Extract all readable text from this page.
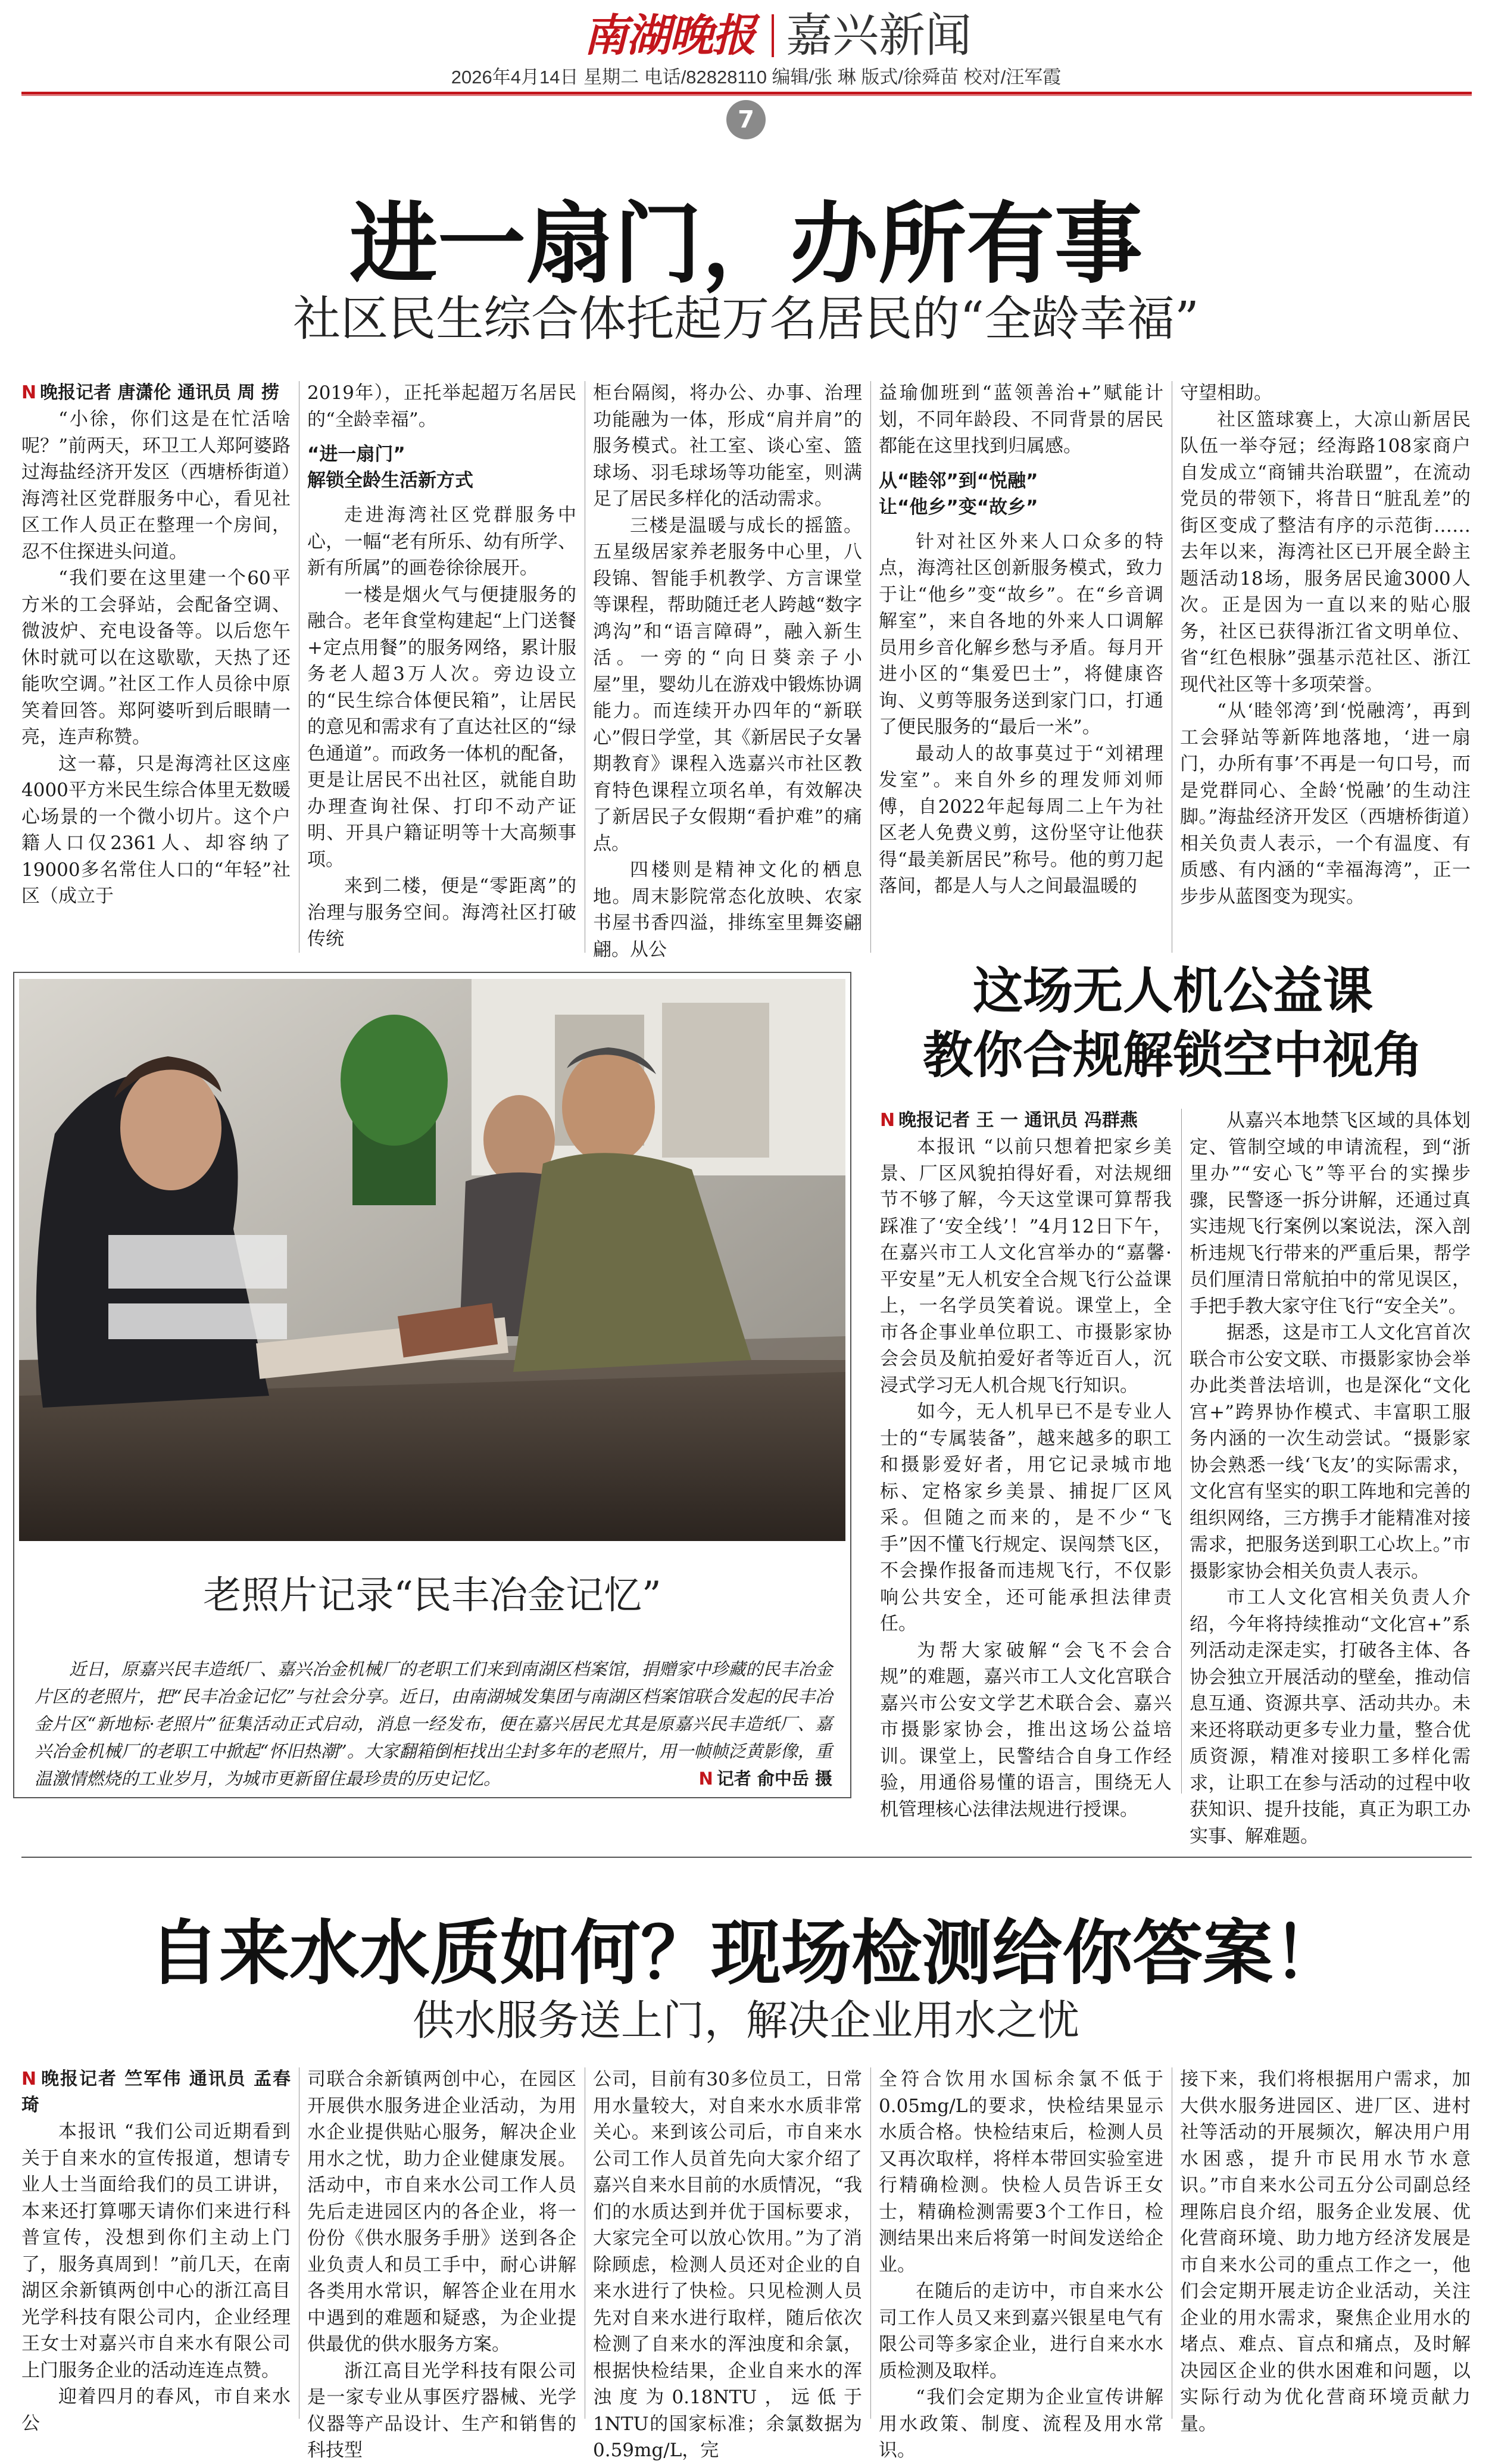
南湖晚报 嘉兴新闻
2026年4月14日 星期二 电话/82828110 编辑/张 琳 版式/徐舜苗 校对/汪军霞
7
进一扇门，办所有事
社区民生综合体托起万名居民的“全龄幸福”

N 晚报记者 唐潇伦 通讯员 周 捞

“小徐，你们这是在忙活啥呢？”前两天，环卫工人郑阿婆路过海盐经济开发区（西塘桥街道）海湾社区党群服务中心，看见社区工作人员正在整理一个房间，忍不住探进头问道。

“我们要在这里建一个60平方米的工会驿站，会配备空调、微波炉、充电设备等。以后您午休时就可以在这歇歇，天热了还能吹空调。”社区工作人员徐中原笑着回答。郑阿婆听到后眼睛一亮，连声称赞。

这一幕，只是海湾社区这座4000平方米民生综合体里无数暖心场景的一个微小切片。这个户籍人口仅2361人、却容纳了19000多名常住人口的“年轻”社区（成立于

2019年），正托举起超万名居民的“全龄幸福”。

“进一扇门”
解锁全龄生活新方式

走进海湾社区党群服务中心，一幅“老有所乐、幼有所学、新有所属”的画卷徐徐展开。

一楼是烟火气与便捷服务的融合。老年食堂构建起“上门送餐+定点用餐”的服务网络，累计服务老人超3万人次。旁边设立的“民生综合体便民箱”，让居民的意见和需求有了直达社区的“绿色通道”。而政务一体机的配备，更是让居民不出社区，就能自助办理查询社保、打印不动产证明、开具户籍证明等十大高频事项。

来到二楼，便是“零距离”的治理与服务空间。海湾社区打破传统

柜台隔阂，将办公、办事、治理功能融为一体，形成“肩并肩”的服务模式。社工室、谈心室、篮球场、羽毛球场等功能室，则满足了居民多样化的活动需求。

三楼是温暖与成长的摇篮。五星级居家养老服务中心里，八段锦、智能手机教学、方言课堂等课程，帮助随迁老人跨越“数字鸿沟”和“语言障碍”，融入新生活。一旁的“向日葵亲子小屋”里，婴幼儿在游戏中锻炼协调能力。而连续开办四年的“新联心”假日学堂，其《新居民子女暑期教育》课程入选嘉兴市社区教育特色课程立项名单，有效解决了新居民子女假期“看护难”的痛点。

四楼则是精神文化的栖息地。周末影院常态化放映、农家书屋书香四溢，排练室里舞姿翩翩。从公

益瑜伽班到“蓝领善治+”赋能计划，不同年龄段、不同背景的居民都能在这里找到归属感。

从“睦邻”到“悦融”
让“他乡”变“故乡”

针对社区外来人口众多的特点，海湾社区创新服务模式，致力于让“他乡”变“故乡”。在“乡音调解室”，来自各地的外来人口调解员用乡音化解乡愁与矛盾。每月开进小区的“集爱巴士”，将健康咨询、义剪等服务送到家门口，打通了便民服务的“最后一米”。

最动人的故事莫过于“刘裙理发室”。来自外乡的理发师刘师傅，自2022年起每周二上午为社区老人免费义剪，这份坚守让他获得“最美新居民”称号。他的剪刀起落间，都是人与人之间最温暖的

守望相助。

社区篮球赛上，大凉山新居民队伍一举夺冠；经海路108家商户自发成立“商铺共治联盟”，在流动党员的带领下，将昔日“脏乱差”的街区变成了整洁有序的示范街……去年以来，海湾社区已开展全龄主题活动18场，服务居民逾3000人次。正是因为一直以来的贴心服务，社区已获得浙江省文明单位、省“红色根脉”强基示范社区、浙江现代社区等十多项荣誉。

“从‘睦邻湾’到‘悦融湾’，再到工会驿站等新阵地落地，‘进一扇门，办所有事’不再是一句口号，而是党群同心、全龄‘悦融’的生动注脚。”海盐经济开发区（西塘桥街道）相关负责人表示，一个有温度、有质感、有内涵的“幸福海湾”，正一步步从蓝图变为现实。

老照片记录“民丰冶金记忆”
近日，原嘉兴民丰造纸厂、嘉兴冶金机械厂的老职工们来到南湖区档案馆，捐赠家中珍藏的民丰冶金片区的老照片，把“民丰冶金记忆”与社会分享。近日，由南湖城发集团与南湖区档案馆联合发起的民丰冶金片区“新地标·老照片”征集活动正式启动，消息一经发布，便在嘉兴居民尤其是原嘉兴民丰造纸厂、嘉兴冶金机械厂的老职工中掀起“怀旧热潮”。大家翻箱倒柜找出尘封多年的老照片，用一帧帧泛黄影像，重温激情燃烧的工业岁月，为城市更新留住最珍贵的历史记忆。	N 记者 俞中岳 摄
这场无人机公益课
教你合规解锁空中视角

N 晚报记者 王 一 通讯员 冯群燕

本报讯 “以前只想着把家乡美景、厂区风貌拍得好看，对法规细节不够了解，今天这堂课可算帮我踩准了‘安全线’！”4月12日下午，在嘉兴市工人文化宫举办的“嘉馨·平安星”无人机安全合规飞行公益课上，一名学员笑着说。课堂上，全市各企事业单位职工、市摄影家协会会员及航拍爱好者等近百人，沉浸式学习无人机合规飞行知识。

如今，无人机早已不是专业人士的“专属装备”，越来越多的职工和摄影爱好者，用它记录城市地标、定格家乡美景、捕捉厂区风采。但随之而来的，是不少“飞手”因不懂飞行规定、误闯禁飞区，不会操作报备而违规飞行，不仅影响公共安全，还可能承担法律责任。

为帮大家破解“会飞不会合规”的难题，嘉兴市工人文化宫联合嘉兴市公安文学艺术联合会、嘉兴市摄影家协会，推出这场公益培训。课堂上，民警结合自身工作经验，用通俗易懂的语言，围绕无人机管理核心法律法规进行授课。

从嘉兴本地禁飞区域的具体划定、管制空域的申请流程，到“浙里办”“安心飞”等平台的实操步骤，民警逐一拆分讲解，还通过真实违规飞行案例以案说法，深入剖析违规飞行带来的严重后果，帮学员们厘清日常航拍中的常见误区，手把手教大家守住飞行“安全关”。

据悉，这是市工人文化宫首次联合市公安文联、市摄影家协会举办此类普法培训，也是深化“文化宫+”跨界协作模式、丰富职工服务内涵的一次生动尝试。“摄影家协会熟悉一线‘飞友’的实际需求，文化宫有坚实的职工阵地和完善的组织网络，三方携手才能精准对接需求，把服务送到职工心坎上。”市摄影家协会相关负责人表示。

市工人文化宫相关负责人介绍，今年将持续推动“文化宫+”系列活动走深走实，打破各主体、各协会独立开展活动的壁垒，推动信息互通、资源共享、活动共办。未来还将联动更多专业力量，整合优质资源，精准对接职工多样化需求，让职工在参与活动的过程中收获知识、提升技能，真正为职工办实事、解难题。

自来水水质如何？现场检测给你答案！
供水服务送上门，解决企业用水之忧

N 晚报记者 竺军伟 通讯员 孟春琦

本报讯 “我们公司近期看到关于自来水的宣传报道，想请专业人士当面给我们的员工讲讲，本来还打算哪天请你们来进行科普宣传，没想到你们主动上门了，服务真周到！”前几天，在南湖区余新镇两创中心的浙江高目光学科技有限公司内，企业经理王女士对嘉兴市自来水有限公司上门服务企业的活动连连点赞。

迎着四月的春风，市自来水公

司联合余新镇两创中心，在园区开展供水服务进企业活动，为用水企业提供贴心服务，解决企业用水之忧，助力企业健康发展。活动中，市自来水公司工作人员先后走进园区内的各企业，将一份份《供水服务手册》送到各企业负责人和员工手中，耐心讲解各类用水常识，解答企业在用水中遇到的难题和疑惑，为企业提供最优的供水服务方案。

浙江高目光学科技有限公司是一家专业从事医疗器械、光学仪器等产品设计、生产和销售的科技型

公司，目前有30多位员工，日常用水量较大，对自来水水质非常关心。来到该公司后，市自来水公司工作人员首先向大家介绍了嘉兴自来水目前的水质情况，“我们的水质达到并优于国标要求，大家完全可以放心饮用。”为了消除顾虑，检测人员还对企业的自来水进行了快检。只见检测人员先对自来水进行取样，随后依次检测了自来水的浑浊度和余氯，根据快检结果，企业自来水的浑浊度为0.18NTU，远低于1NTU的国家标准；余氯数据为0.59mg/L，完

全符合饮用水国标余氯不低于0.05mg/L的要求，快检结果显示水质合格。快检结束后，检测人员又再次取样，将样本带回实验室进行精确检测。快检人员告诉王女士，精确检测需要3个工作日，检测结果出来后将第一时间发送给企业。

在随后的走访中，市自来水公司工作人员又来到嘉兴银星电气有限公司等多家企业，进行自来水水质检测及取样。

“我们会定期为企业宣传讲解用水政策、制度、流程及用水常识。

接下来，我们将根据用户需求，加大供水服务进园区、进厂区、进村社等活动的开展频次，解决用户用水困惑，提升市民用水节水意识。”市自来水公司五分公司副总经理陈启良介绍，服务企业发展、优化营商环境、助力地方经济发展是市自来水公司的重点工作之一，他们会定期开展走访企业活动，关注企业的用水需求，聚焦企业用水的堵点、难点、盲点和痛点，及时解决园区企业的供水困难和问题，以实际行动为优化营商环境贡献力量。
